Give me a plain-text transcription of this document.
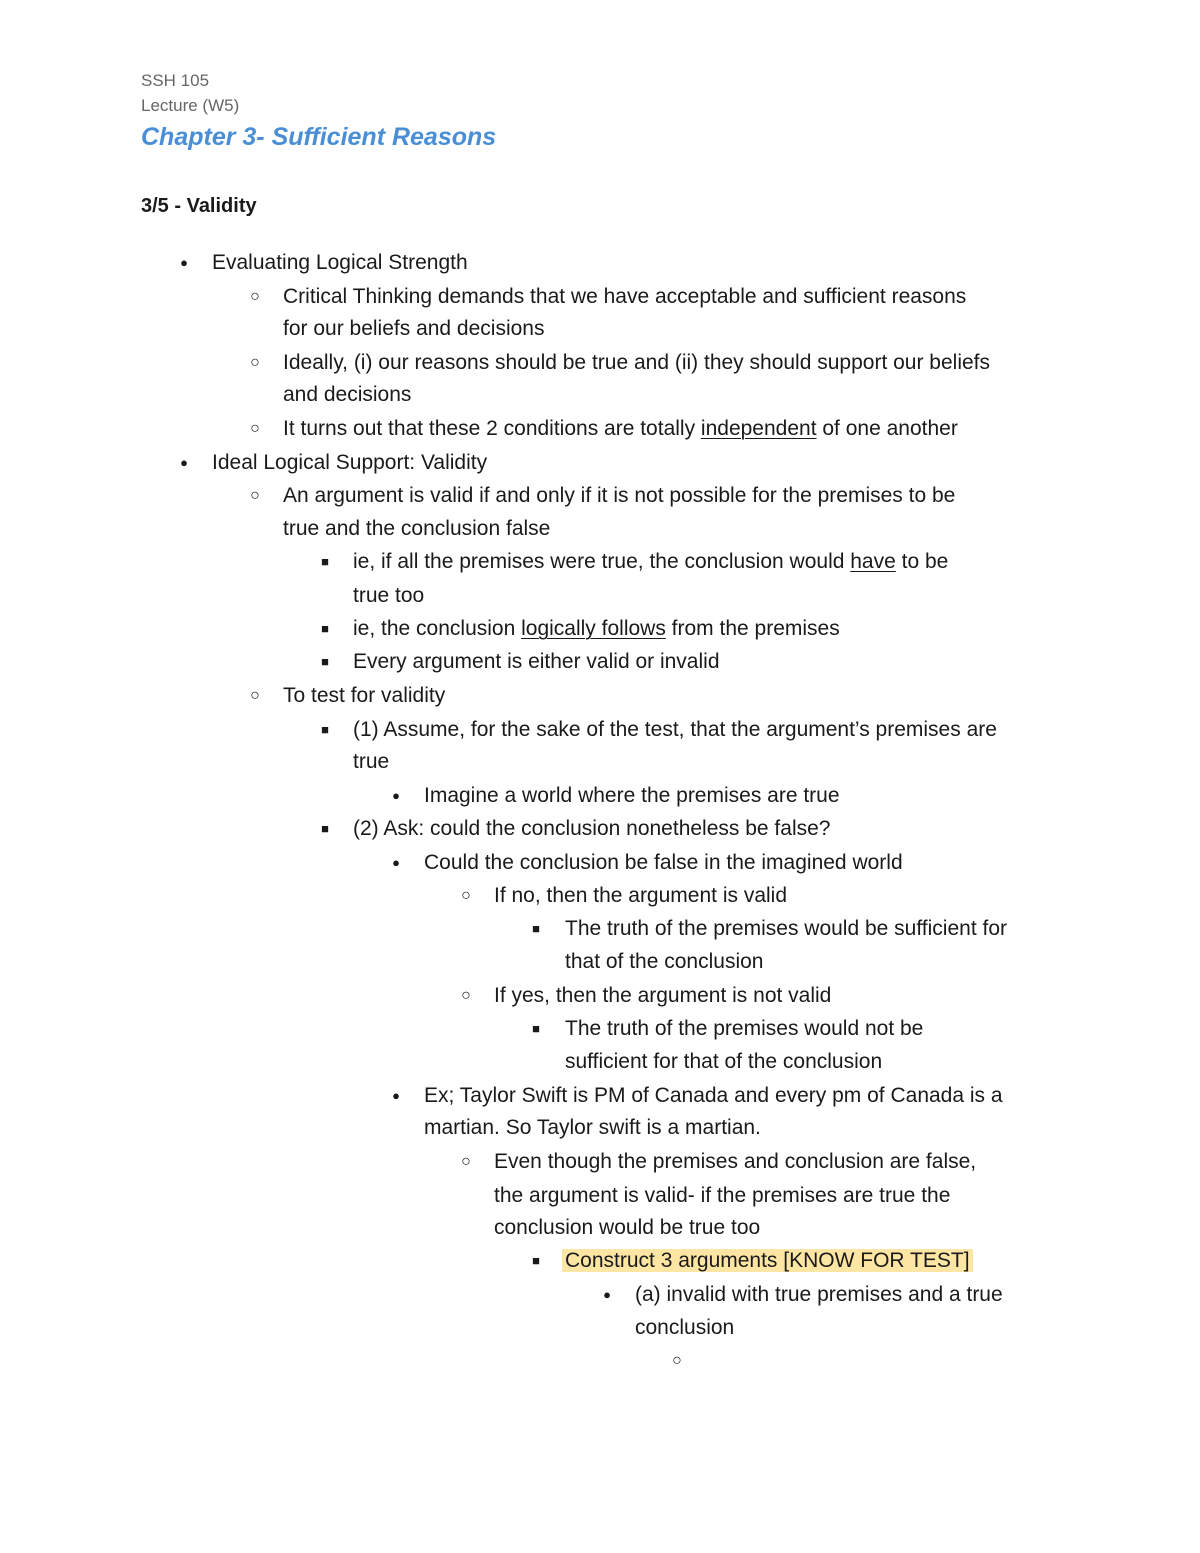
SSH 105
Lecture (W5)
Chapter 3- Sufficient Reasons
3/5 - Validity
●
Evaluating Logical Strength
○
Critical Thinking demands that we have acceptable and sufficient reasons
for our beliefs and decisions
○
Ideally, (i) our reasons should be true and (ii) they should support our beliefs
and decisions
○
It turns out that these 2 conditions are totally independent of one another
●
Ideal Logical Support: Validity
○
An argument is valid if and only if it is not possible for the premises to be
true and the conclusion false
■
ie, if all the premises were true, the conclusion would have to be
true too
■
ie, the conclusion logically follows from the premises
■
Every argument is either valid or invalid
○
To test for validity
■
(1) Assume, for the sake of the test, that the argument’s premises are
true
●
Imagine a world where the premises are true
■
(2) Ask: could the conclusion nonetheless be false?
●
Could the conclusion be false in the imagined world
○
If no, then the argument is valid
■
The truth of the premises would be sufficient for
that of the conclusion
○
If yes, then the argument is not valid
■
The truth of the premises would not be
sufficient for that of the conclusion
●
Ex; Taylor Swift is PM of Canada and every pm of Canada is a
martian. So Taylor swift is a martian.
○
Even though the premises and conclusion are false,
the argument is valid- if the premises are true the
conclusion would be true too
■
Construct 3 arguments [KNOW FOR TEST]
●
(a) invalid with true premises and a true
conclusion
○
